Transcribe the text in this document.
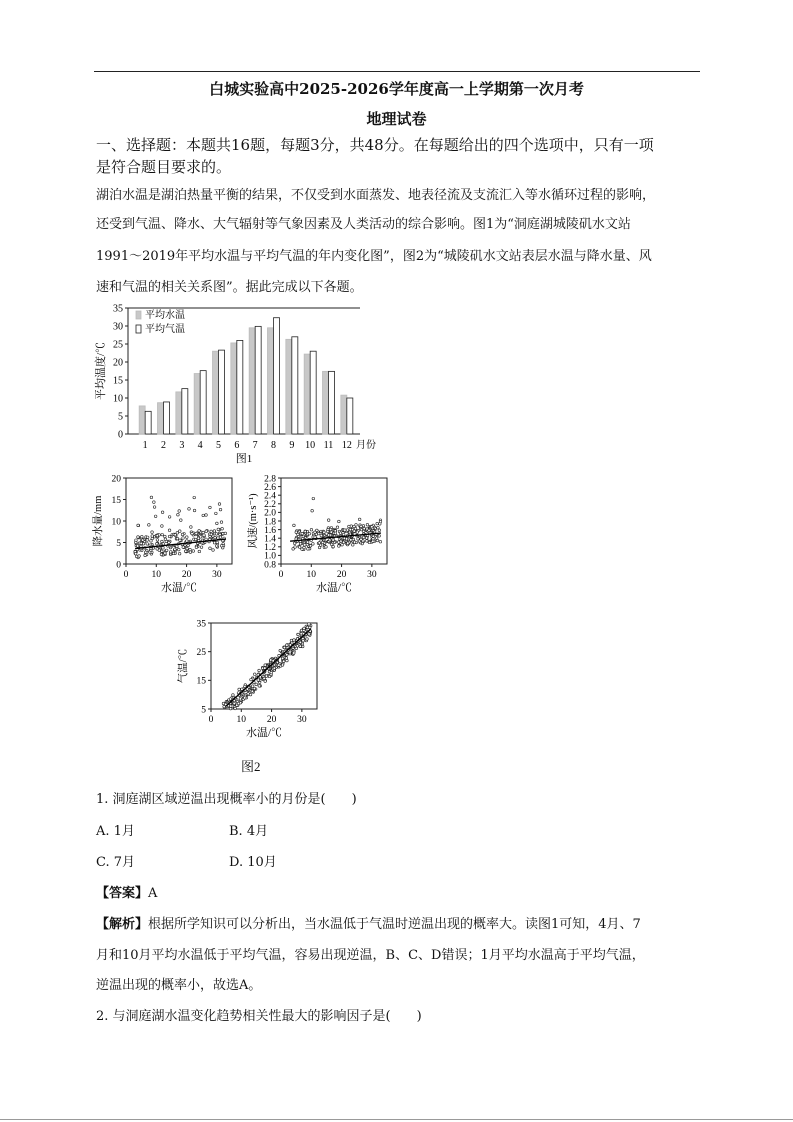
白城实验高中2025-2026学年度高一上学期第一次月考
地理试卷
一、选择题：本题共16题，每题3分，共48分。在每题给出的四个选项中，只有一项
是符合题目要求的。
湖泊水温是湖泊热量平衡的结果，不仅受到水面蒸发、地表径流及支流汇入等水循环过程的影响，
还受到气温、降水、大气辐射等气象因素及人类活动的综合影响。图1为“洞庭湖城陵矶水文站
1991～2019年平均水温与平均气温的年内变化图”，图2为“城陵矶水文站表层水温与降水量、风
速和气温的相关关系图”。据此完成以下各题。
0
5
10
15
20
25
30
35
平均温度/℃
1 2 3 4 5 6 7 8 9 10 11 12 月份
平均水温
平均气温
图1
0 10 20 30
0
5
10
15
20
水温/℃
降水量/mm
0 10 20 30
0.8
1.0
1.2
1.4
1.6
1.8
2.0
2.2
2.4
2.6
2.8
水温/℃
风速/(m·s⁻¹)
0 10 20 30
5
15
25
35
水温/℃
气温/℃
图2
1. 洞庭湖区域逆温出现概率小的月份是(　　)
A. 1月	B. 4月
C. 7月	D. 10月
【答案】A
【解析】根据所学知识可以分析出，当水温低于气温时逆温出现的概率大。读图1可知，4月、7
月和10月平均水温低于平均气温，容易出现逆温，B、C、D错误；1月平均水温高于平均气温，
逆温出现的概率小，故选A。
2. 与洞庭湖水温变化趋势相关性最大的影响因子是(　　)
